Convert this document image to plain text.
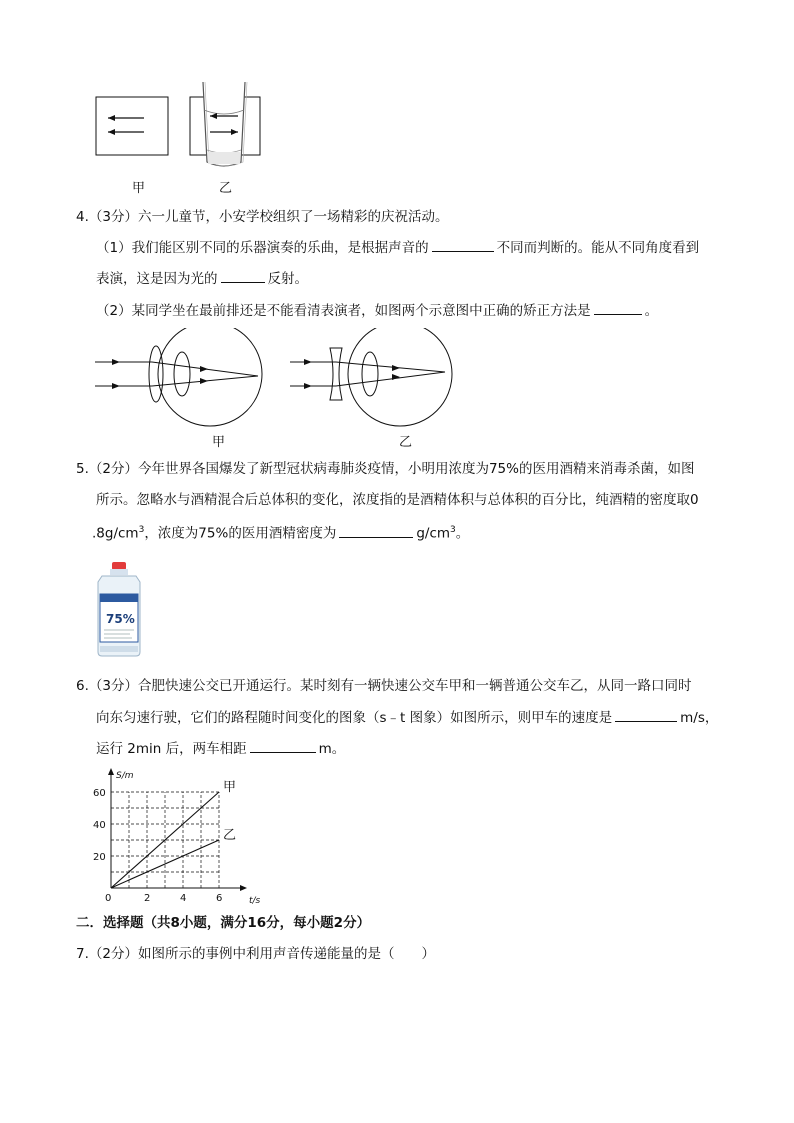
甲	乙
4.（3分）六一儿童节，小安学校组织了一场精彩的庆祝活动。
（1）我们能区别不同的乐器演奏的乐曲，是根据声音的	不同而判断的。能从不同角度看到
表演，这是因为光的	反射。
（2）某同学坐在最前排还是不能看清表演者，如图两个示意图中正确的矫正方法是	。
甲	乙
5.（2分）今年世界各国爆发了新型冠状病毒肺炎疫情，小明用浓度为75%的医用酒精来消毒杀菌，如图
所示。忽略水与酒精混合后总体积的变化，浓度指的是酒精体积与总体积的百分比，纯酒精的密度取0
$.8g/cm^3$，浓度为75%的医用酒精密度为	$g/cm^3$。
75%
6.（3分）合肥快速公交已开通运行。某时刻有一辆快速公交车甲和一辆普通公交车乙，从同一路口同时
向东匀速行驶，它们的路程随时间变化的图象（s﹣t 图象）如图所示，则甲车的速度是	m/s，
运行 2min 后，两车相距	m。
S/m
t/s
0	2	4	6
20
40
60	甲
乙
二．选择题（共8小题，满分16分，每小题2分）
7.（2分）如图所示的事例中利用声音传递能量的是（　　）
